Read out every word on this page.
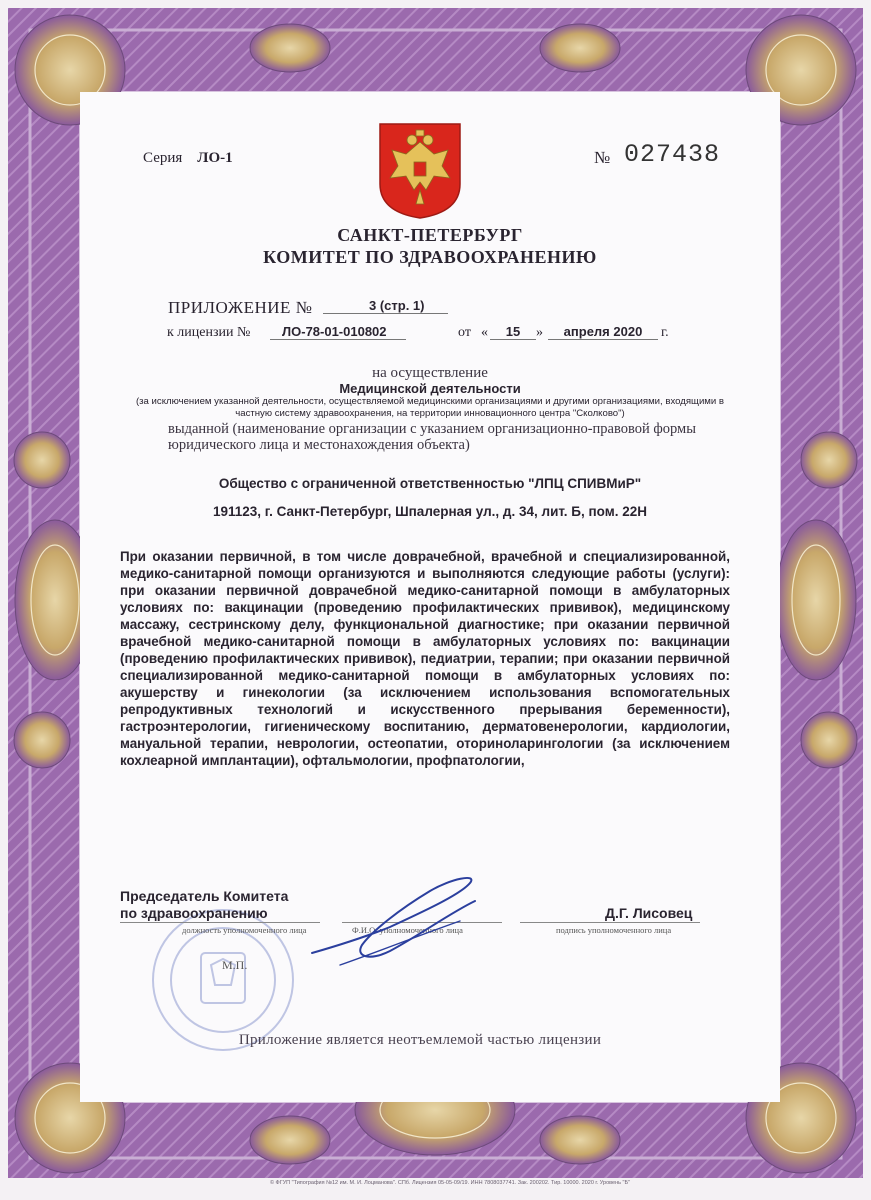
Серия ЛО-1	№ 027438
САНКТ-ПЕТЕРБУРГ
КОМИТЕТ ПО ЗДРАВООХРАНЕНИЮ
ПРИЛОЖЕНИЕ №	3 (стр. 1)
к лицензии №	ЛО-78-01-010802	от «	15	»	апреля 2020	г.
на осуществление
Медицинской деятельности
(за исключением указанной деятельности, осуществляемой медицинскими организациями и другими организациями, входящими в частную систему здравоохранения, на территории инновационного центра "Сколково")
выданной (наименование организации с указанием организационно-правовой формы юридического лица и местонахождения объекта)
Общество с ограниченной ответственностью "ЛПЦ СПИВМиР"
191123, г. Санкт-Петербург, Шпалерная ул., д. 34, лит. Б, пом. 22Н
При оказании первичной, в том числе доврачебной, врачебной и специализированной, медико-санитарной помощи организуются и выполняются следующие работы (услуги): при оказании первичной доврачебной медико-санитарной помощи в амбулаторных условиях по: вакцинации (проведению профилактических прививок), медицинскому массажу, сестринскому делу, функциональной диагностике; при оказании первичной врачебной медико-санитарной помощи в амбулаторных условиях по: вакцинации (проведению профилактических прививок), педиатрии, терапии; при оказании первичной специализированной медико-санитарной помощи в амбулаторных условиях по: акушерству и гинекологии (за исключением использования вспомогательных репродуктивных технологий и искусственного прерывания беременности), гастроэнтерологии, гигиеническому воспитанию, дерматовенерологии, кардиологии, мануальной терапии, неврологии, остеопатии, оториноларингологии (за исключением кохлеарной имплантации), офтальмологии, профпатологии,
М.П.
Председатель Комитета
по здравоохранению	Д.Г. Лисовец
должность уполномоченного лица	Ф.И.О. уполномоченного лица	подпись уполномоченного лица
Приложение является неотъемлемой частью лицензии
© ФГУП "Типография №12 им. М. И. Лоцманова". СПб. Лицензия 05-05-09/19. ИНН 7808037741. Зак. 200202. Тир. 10000. 2020 г. Уровень "Б"
